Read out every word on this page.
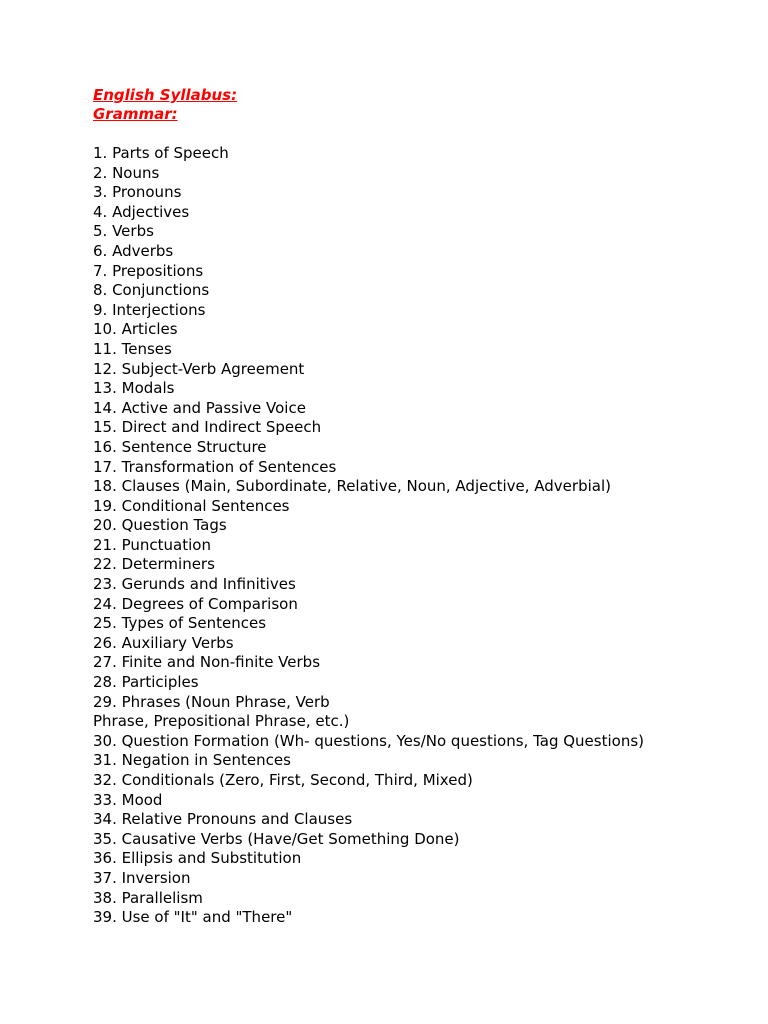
English Syllabus:

Grammar:

1. Parts of Speech
2. Nouns
3. Pronouns
4. Adjectives
5. Verbs
6. Adverbs
7. Prepositions
8. Conjunctions
9. Interjections
10. Articles
11. Tenses
12. Subject-Verb Agreement
13. Modals
14. Active and Passive Voice
15. Direct and Indirect Speech
16. Sentence Structure
17. Transformation of Sentences
18. Clauses (Main, Subordinate, Relative, Noun, Adjective, Adverbial)
19. Conditional Sentences
20. Question Tags
21. Punctuation
22. Determiners
23. Gerunds and Infinitives
24. Degrees of Comparison
25. Types of Sentences
26. Auxiliary Verbs
27. Finite and Non-finite Verbs
28. Participles
29. Phrases (Noun Phrase, Verb
Phrase, Prepositional Phrase, etc.)
30. Question Formation (Wh- questions, Yes/No questions, Tag Questions)
31. Negation in Sentences
32. Conditionals (Zero, First, Second, Third, Mixed)
33. Mood
34. Relative Pronouns and Clauses
35. Causative Verbs (Have/Get Something Done)
36. Ellipsis and Substitution
37. Inversion
38. Parallelism
39. Use of "It" and "There"
